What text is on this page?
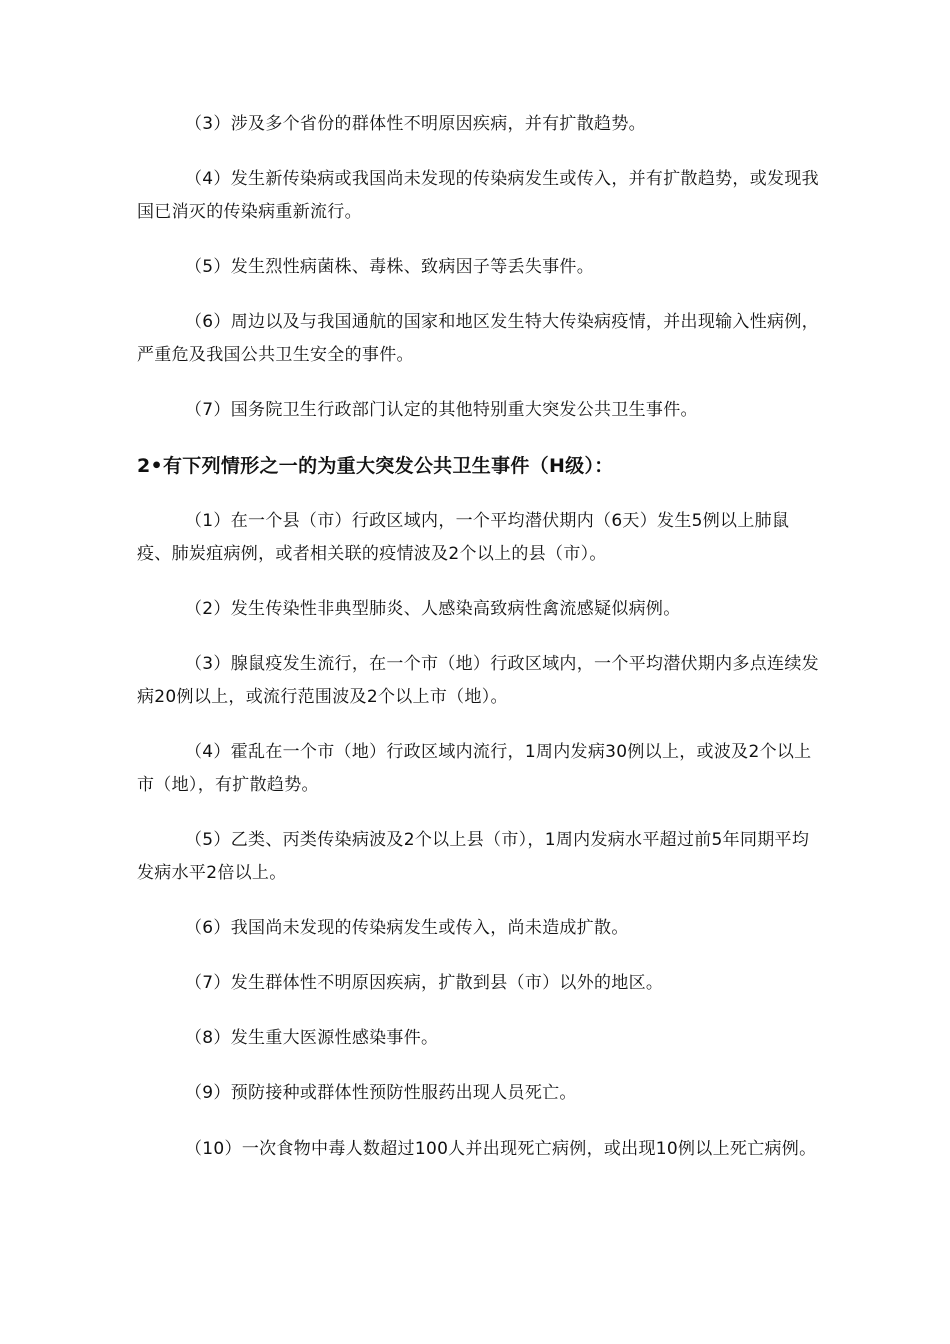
（3）涉及多个省份的群体性不明原因疾病，并有扩散趋势。

（4）发生新传染病或我国尚未发现的传染病发生或传入，并有扩散趋势，或发现我国已消灭的传染病重新流行。

（5）发生烈性病菌株、毒株、致病因子等丢失事件。

（6）周边以及与我国通航的国家和地区发生特大传染病疫情，并出现输入性病例，严重危及我国公共卫生安全的事件。

（7）国务院卫生行政部门认定的其他特别重大突发公共卫生事件。

2•有下列情形之一的为重大突发公共卫生事件（H级）：

（1）在一个县（市）行政区域内，一个平均潜伏期内（6天）发生5例以上肺鼠疫、肺炭疽病例，或者相关联的疫情波及2个以上的县（市）。

（2）发生传染性非典型肺炎、人感染高致病性禽流感疑似病例。

（3）腺鼠疫发生流行，在一个市（地）行政区域内，一个平均潜伏期内多点连续发病20例以上，或流行范围波及2个以上市（地）。

（4）霍乱在一个市（地）行政区域内流行，1周内发病30例以上，或波及2个以上市（地），有扩散趋势。

（5）乙类、丙类传染病波及2个以上县（市），1周内发病水平超过前5年同期平均发病水平2倍以上。

（6）我国尚未发现的传染病发生或传入，尚未造成扩散。

（7）发生群体性不明原因疾病，扩散到县（市）以外的地区。

（8）发生重大医源性感染事件。

（9）预防接种或群体性预防性服药出现人员死亡。

（10）一次食物中毒人数超过100人并出现死亡病例，或出现10例以上死亡病例。
